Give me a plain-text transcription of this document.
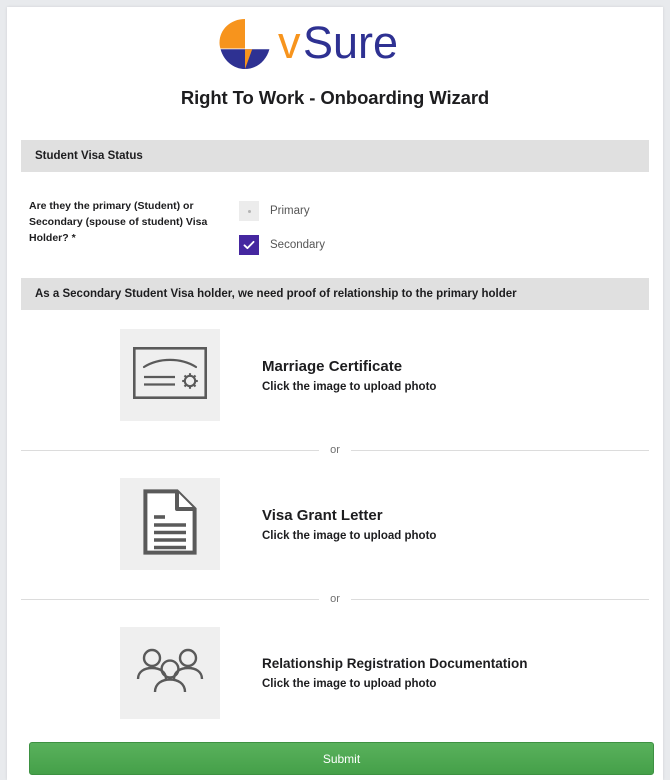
v Sure
Right To Work - Onboarding Wizard
Student Visa Status
Are they the primary (Student) or Secondary (spouse of student) Visa Holder? *
Primary
Secondary
As a Secondary Student Visa holder, we need proof of relationship to the primary holder
Marriage Certificate
Click the image to upload photo
or
Visa Grant Letter
Click the image to upload photo
or
Relationship Registration Documentation
Click the image to upload photo
Submit
